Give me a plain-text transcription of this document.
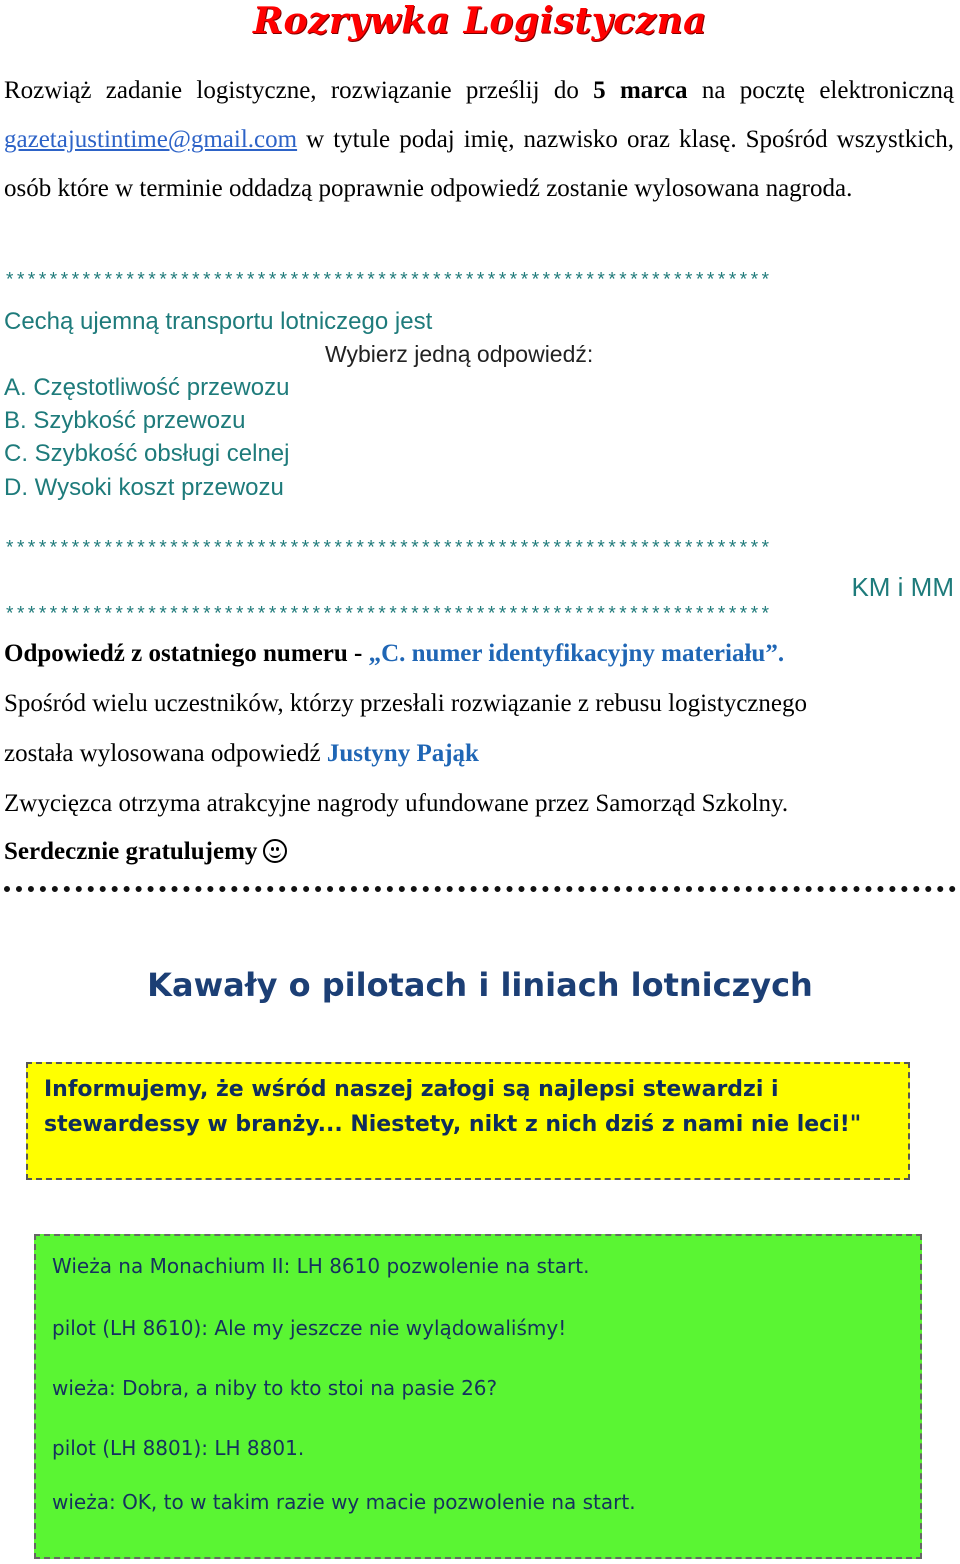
Rozrywka Logistyczna
Rozwiąż zadanie logistyczne, rozwiązanie prześlij do 5 marca na pocztę elektroniczną gazetajustintime@gmail.com w tytule podaj imię, nazwisko oraz klasę. Spośród wszystkich, osób które w terminie oddadzą poprawnie odpowiedź zostanie wylosowana nagroda.
**********************************************************************
Cechą ujemną transportu lotniczego jest
Wybierz jedną odpowiedź:
A. Częstotliwość przewozu
B. Szybkość przewozu
C. Szybkość obsługi celnej
D. Wysoki koszt przewozu
**********************************************************************
KM i MM
**********************************************************************
Odpowiedź z ostatniego numeru - „C. numer identyfikacyjny materiału”.
Spośród wielu uczestników, którzy przesłali rozwiązanie z rebusu logistycznego
została wylosowana odpowiedź Justyny Pająk
Zwycięzca otrzyma atrakcyjne nagrody ufundowane przez Samorząd Szkolny.
Serdecznie gratulujemy
Kawały o pilotach i liniach lotniczych
Informujemy, że wśród naszej załogi są najlepsi stewardzi i
stewardessy w branży... Niestety, nikt z nich dziś z nami nie leci!"
Wieża na Monachium II: LH 8610 pozwolenie na start.
pilot (LH 8610): Ale my jeszcze nie wylądowaliśmy!
wieża: Dobra, a niby to kto stoi na pasie 26?
pilot (LH 8801): LH 8801.
wieża: OK, to w takim razie wy macie pozwolenie na start.
